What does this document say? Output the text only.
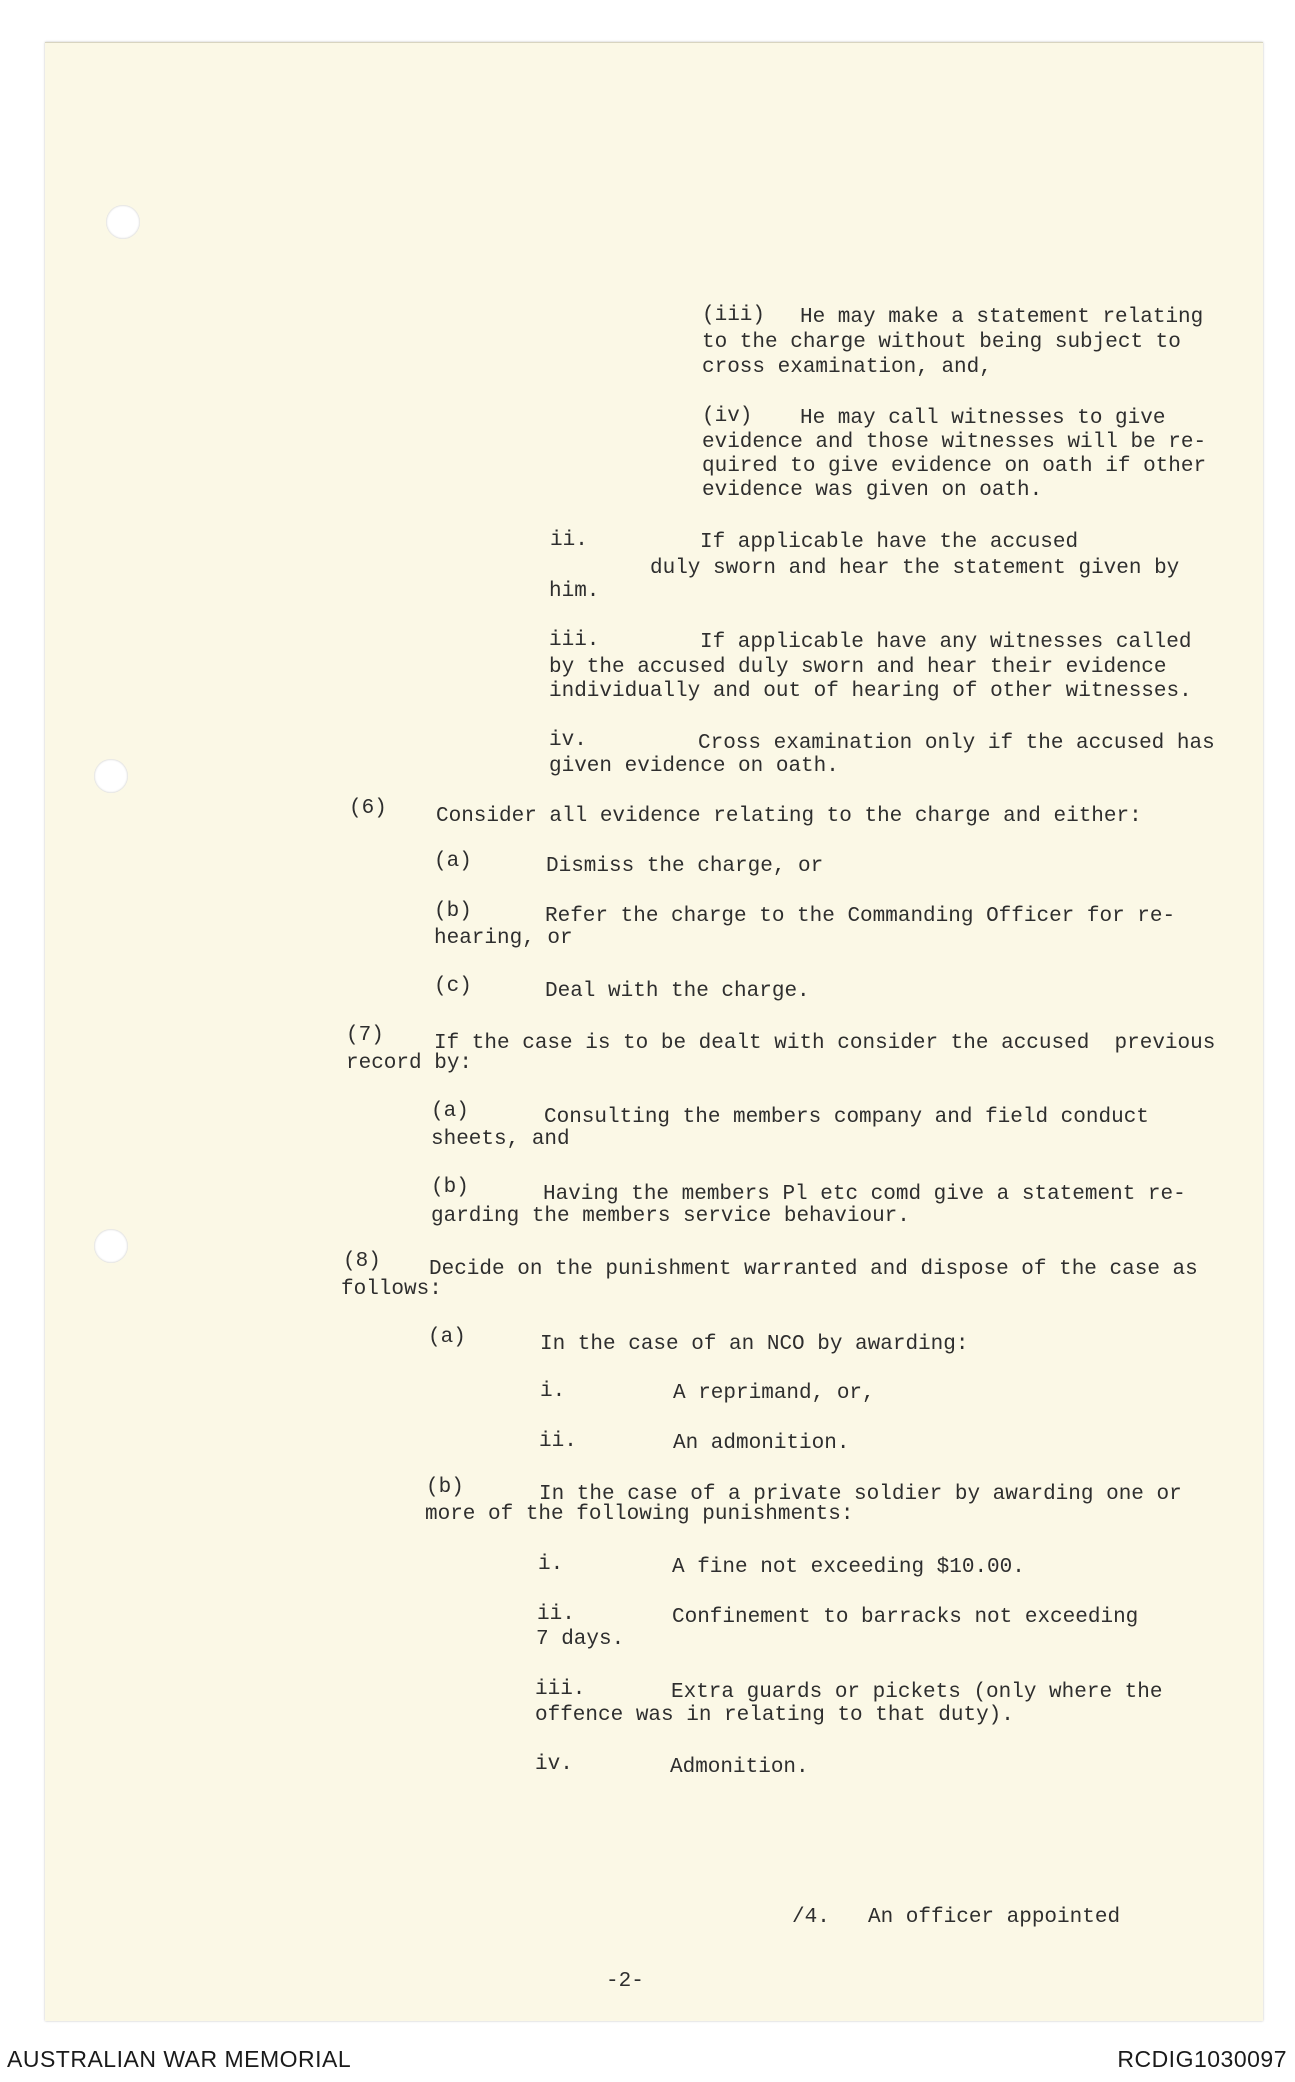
(iii) He may make a statement relating
to the charge without being subject to
cross examination, and,
(iv) He may call witnesses to give
evidence and those witnesses will be re-
quired to give evidence on oath if other
evidence was given on oath.
ii.	If applicable have the accused
duly sworn and hear the statement given by
him.
iii.	If applicable have any witnesses called
by the accused duly sworn and hear their evidence
individually and out of hearing of other witnesses.
iv.	Cross examination only if the accused has
given evidence on oath.
(6) Consider all evidence relating to the charge and either:
(a)	Dismiss the charge, or
(b)	Refer the charge to the Commanding Officer for re-
hearing, or
(c)	Deal with the charge.
(7) If the case is to be dealt with consider the accused  previous
record by:
(a)	Consulting the members company and field conduct
sheets, and
(b)	Having the members Pl etc comd give a statement re-
garding the members service behaviour.
(8) Decide on the punishment warranted and dispose of the case as
follows:
(a)	In the case of an NCO by awarding:
i.	A reprimand, or,
ii.	An admonition.
(b)	In the case of a private soldier by awarding one or
more of the following punishments:
i.	A fine not exceeding $10.00.
ii.	Confinement to barracks not exceeding
7 days.
iii.	Extra guards or pickets (only where the
offence was in relating to that duty).
iv.	Admonition.
/4. An officer appointed
-2-
AUSTRALIAN WAR MEMORIAL	RCDIG1030097
